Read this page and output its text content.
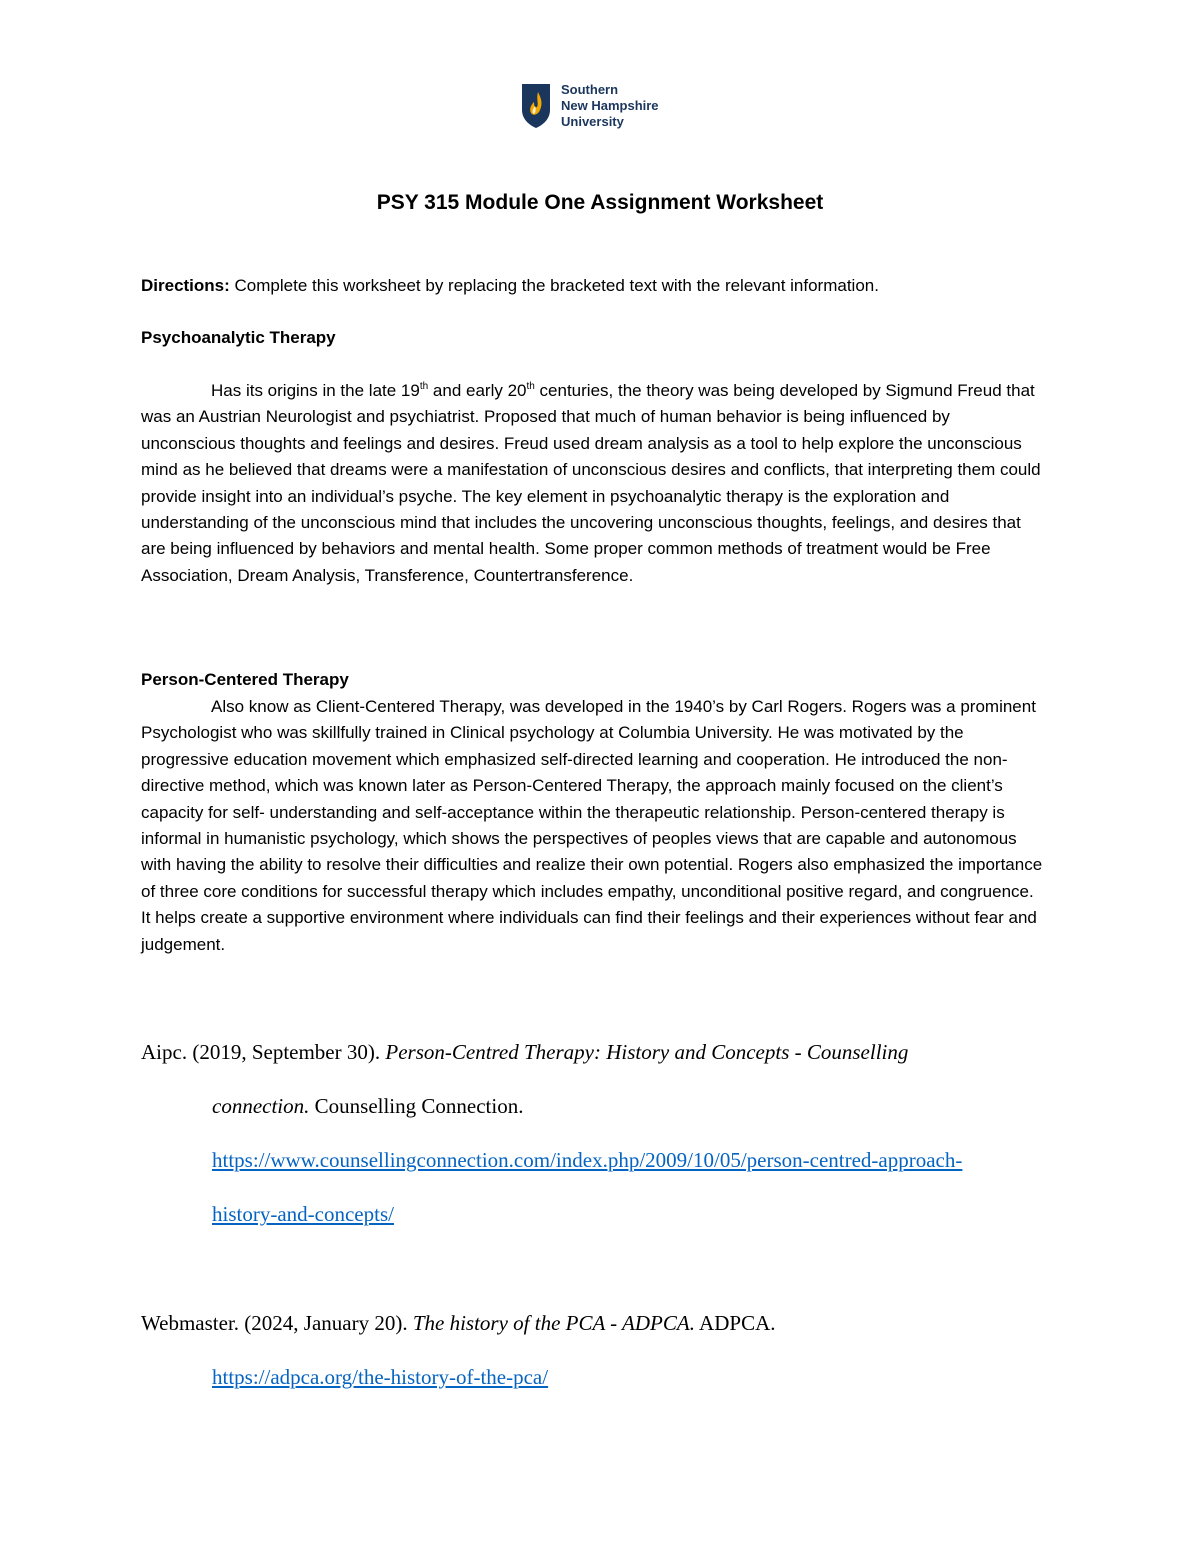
Southern
New Hampshire
University
PSY 315 Module One Assignment Worksheet
Directions: Complete this worksheet by replacing the bracketed text with the relevant information.
Psychoanalytic Therapy

Has its origins in the late 19th and early 20th centuries, the theory was being developed by Sigmund Freud that was an Austrian Neurologist and psychiatrist. Proposed that much of human behavior is being influenced by unconscious thoughts and feelings and desires. Freud used dream analysis as a tool to help explore the unconscious mind as he believed that dreams were a manifestation of unconscious desires and conflicts, that interpreting them could provide insight into an individual’s psyche. The key element in psychoanalytic therapy is the exploration and understanding of the unconscious mind that includes the uncovering unconscious thoughts, feelings, and desires that are being influenced by behaviors and mental health. Some proper common methods of treatment would be Free Association, Dream Analysis, Transference, Countertransference.

Person-Centered Therapy

Also know as Client-Centered Therapy, was developed in the 1940’s by Carl Rogers. Rogers was a prominent Psychologist who was skillfully trained in Clinical psychology at Columbia University. He was motivated by the progressive education movement which emphasized self-directed learning and cooperation. He introduced the non-directive method, which was known later as Person-Centered Therapy, the approach mainly focused on the client’s capacity for self- understanding and self-acceptance within the therapeutic relationship. Person-centered therapy is informal in humanistic psychology, which shows the perspectives of peoples views that are capable and autonomous with having the ability to resolve their difficulties and realize their own potential. Rogers also emphasized the importance of three core conditions for successful therapy which includes empathy, unconditional positive regard, and congruence. It helps create a supportive environment where individuals can find their feelings and their experiences without fear and judgement.

Aipc. (2019, September 30). Person-Centred Therapy: History and Concepts - Counselling
connection. Counselling Connection.
https://www.counsellingconnection.com/index.php/2009/10/05/person-centred-approach-
history-and-concepts/
Webmaster. (2024, January 20). The history of the PCA - ADPCA. ADPCA.
https://adpca.org/the-history-of-the-pca/
